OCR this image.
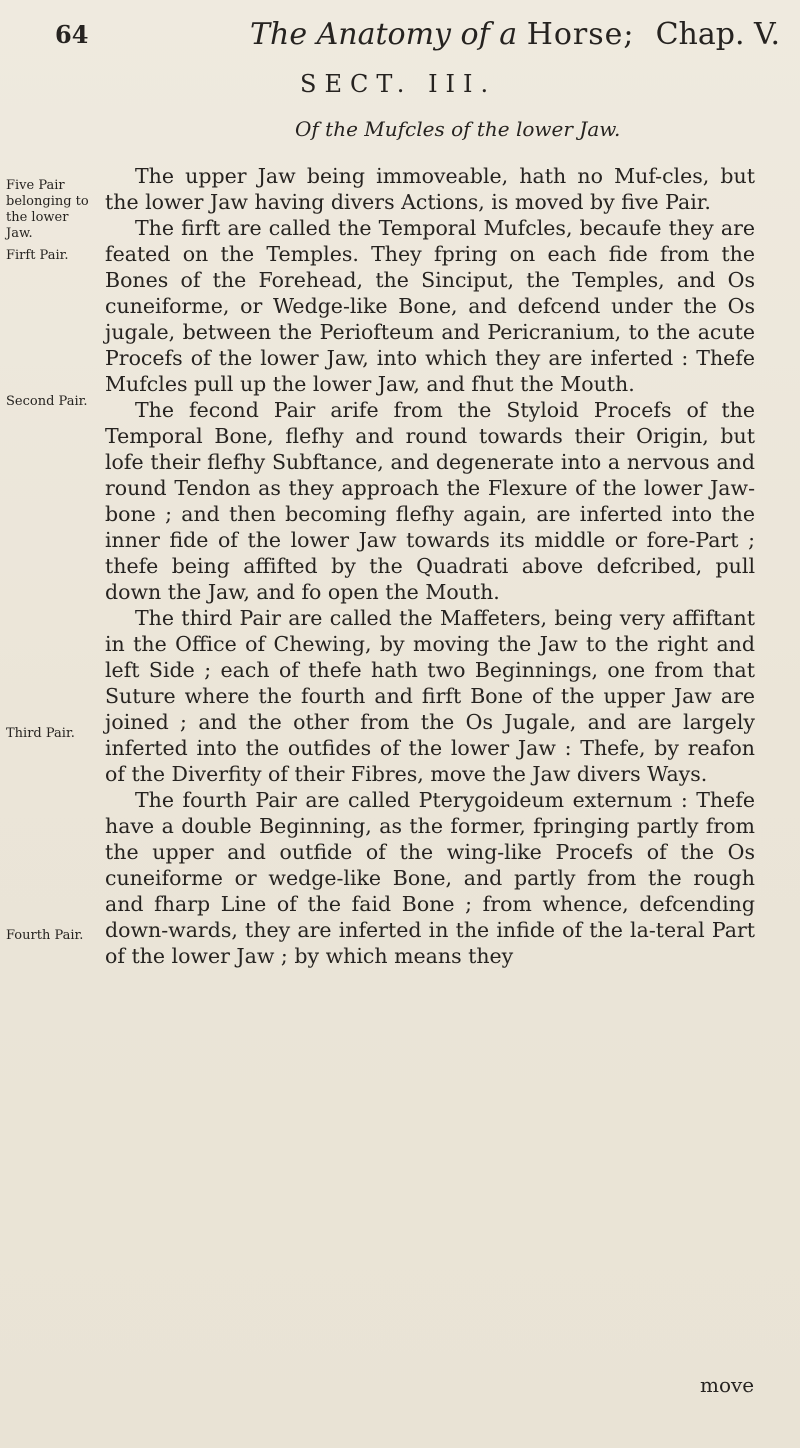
64	The Anatomy of a Horse; Chap. V.
SECT. III.
Of the Mufcles of the lower Jaw.
Five Pair belonging to the lower Jaw.
Firft Pair.
Second Pair.
Third Pair.
Fourth Pair.

The upper Jaw being immoveable, hath no Muf-cles, but the lower Jaw having divers Actions, is moved by five Pair.

The firft are called the Temporal Mufcles, becaufe they are feated on the Temples. They fpring on each fide from the Bones of the Forehead, the Sinciput, the Temples, and Os cuneiforme, or Wedge-like Bone, and defcend under the Os jugale, between the Periofteum and Pericranium, to the acute Procefs of the lower Jaw, into which they are inferted : Thefe Mufcles pull up the lower Jaw, and fhut the Mouth.

The fecond Pair arife from the Styloid Procefs of the Temporal Bone, flefhy and round towards their Origin, but lofe their flefhy Subftance, and degenerate into a nervous and round Tendon as they approach the Flexure of the lower Jaw-bone ; and then becoming flefhy again, are inferted into the inner fide of the lower Jaw towards its middle or fore-Part ; thefe being affifted by the Quadrati above defcribed, pull down the Jaw, and fo open the Mouth.

The third Pair are called the Maffeters, being very affiftant in the Office of Chewing, by moving the Jaw to the right and left Side ; each of thefe hath two Beginnings, one from that Suture where the fourth and firft Bone of the upper Jaw are joined ; and the other from the Os Jugale, and are largely inferted into the outfides of the lower Jaw : Thefe, by reafon of the Diverfity of their Fibres, move the Jaw divers Ways.

The fourth Pair are called Pterygoideum externum : Thefe have a double Beginning, as the former, fpringing partly from the upper and outfide of the wing-like Procefs of the Os cuneiforme or wedge-like Bone, and partly from the rough and fharp Line of the faid Bone ; from whence, defcending down-wards, they are inferted in the infide of the la-teral Part of the lower Jaw ; by which means they

move
